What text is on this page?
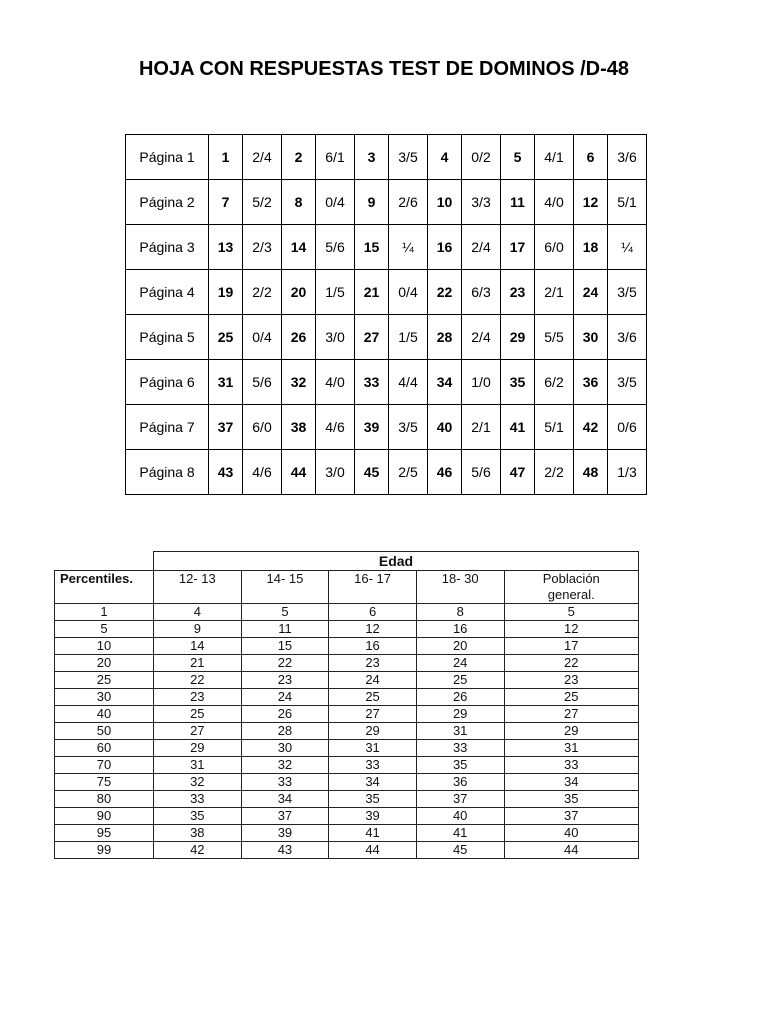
HOJA CON RESPUESTAS TEST DE DOMINOS /D-48
Página 1	1	2/4	2	6/1	3	3/5	4	0/2	5	4/1	6	3/6
Página 2	7	5/2	8	0/4	9	2/6	10	3/3	11	4/0	12	5/1
Página 3	13	2/3	14	5/6	15	¼	16	2/4	17	6/0	18	¼
Página 4	19	2/2	20	1/5	21	0/4	22	6/3	23	2/1	24	3/5
Página 5	25	0/4	26	3/0	27	1/5	28	2/4	29	5/5	30	3/6
Página 6	31	5/6	32	4/0	33	4/4	34	1/0	35	6/2	36	3/5
Página 7	37	6/0	38	4/6	39	3/5	40	2/1	41	5/1	42	0/6
Página 8	43	4/6	44	3/0	45	2/5	46	5/6	47	2/2	48	1/3
	Edad				
Percentiles.	12- 13	14- 15	16- 17	18- 30	Población
general.

1	4	5	6	8	5
5	9	11	12	16	12
10	14	15	16	20	17
20	21	22	23	24	22
25	22	23	24	25	23
30	23	24	25	26	25
40	25	26	27	29	27
50	27	28	29	31	29
60	29	30	31	33	31
70	31	32	33	35	33
75	32	33	34	36	34
80	33	34	35	37	35
90	35	37	39	40	37
95	38	39	41	41	40
99	42	43	44	45	44
